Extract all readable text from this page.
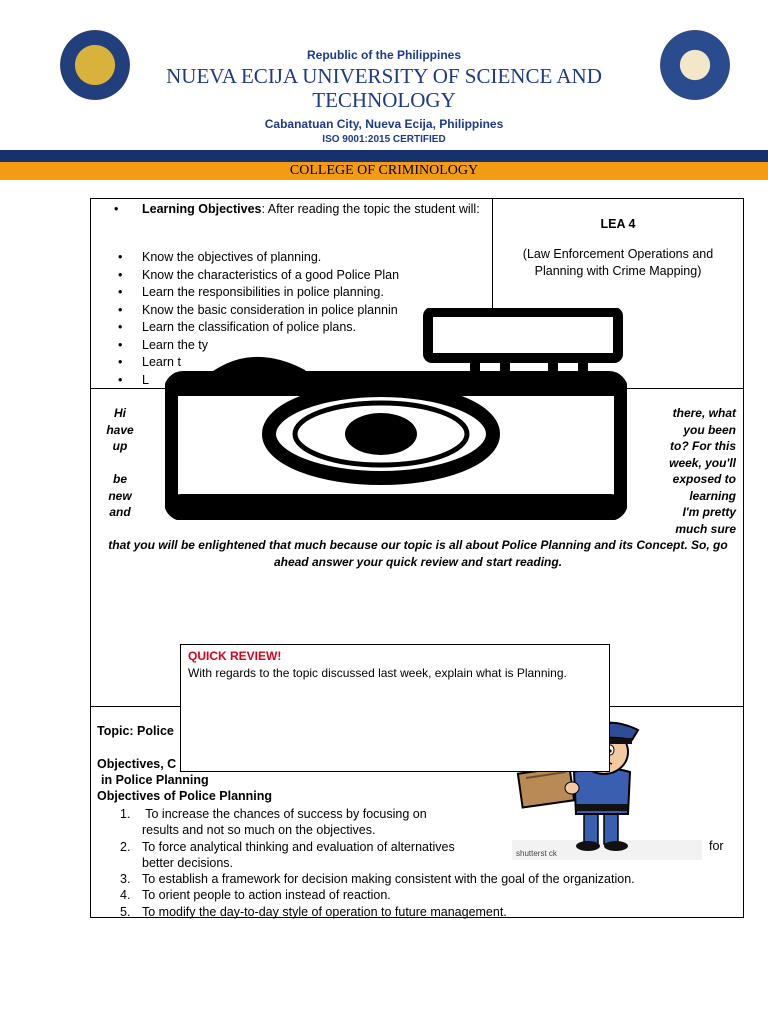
Republic of the Philippines
NUEVA ECIJA UNIVERSITY OF SCIENCE AND TECHNOLOGY
Cabanatuan City, Nueva Ecija, Philippines
ISO 9001:2015 CERTIFIED
COLLEGE OF CRIMINOLOGY
•	Learning Objectives: After reading the topic the student will:
• Know the objectives of planning.
• Know the characteristics of a good Police Plan
• Learn the responsibilities in police planning.
• Know the basic consideration in police plannin
• Learn the classification of police plans.
• Learn the ty
• Learn t
• L
LEA 4
(Law Enforcement Operations and Planning with Crime Mapping)
Hi
have
up
be
new
and
there, what
you been
to? For this
week, you'll
exposed to
learning
I'm pretty
much sure
that you will be enlightened that much because our topic is all about Police Planning and its Concept. So, go ahead answer your quick review and start reading.
Topic: Police
Objectives, C
in Police Planning
Objectives of Police Planning
1. To increase the chances of success by focusing on
results and not so much on the objectives.
2. To force analytical thinking and evaluation of alternatives
better decisions.
3. To establish a framework for decision making consistent with the goal of the organization.
4. To orient people to action instead of reaction.
5. To modify the day-to-day style of operation to future management.
for
shutterst ck
QUICK REVIEW!
With regards to the topic discussed last week, explain what is Planning.
